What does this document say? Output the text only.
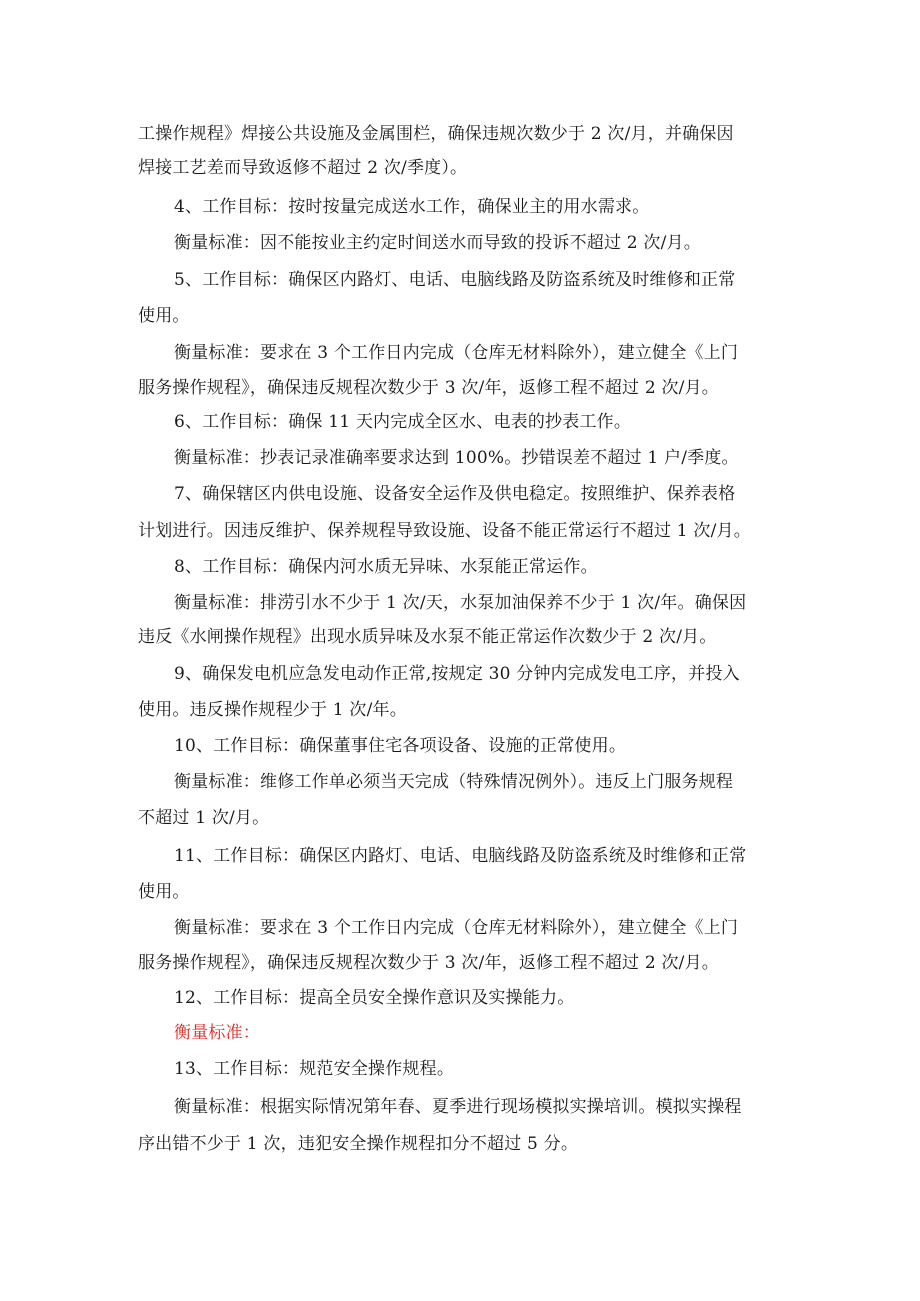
工操作规程》焊接公共设施及金属围栏，确保违规次数少于 2 次/月，并确保因
焊接工艺差而导致返修不超过 2 次/季度）。
4、工作目标：按时按量完成送水工作，确保业主的用水需求。
衡量标准：因不能按业主约定时间送水而导致的投诉不超过 2 次/月。
5、工作目标：确保区内路灯、电话、电脑线路及防盗系统及时维修和正常
使用。
衡量标准：要求在 3 个工作日内完成（仓库无材料除外），建立健全《上门
服务操作规程》，确保违反规程次数少于 3 次/年，返修工程不超过 2 次/月。
6、工作目标：确保 11 天内完成全区水、电表的抄表工作。
衡量标准：抄表记录准确率要求达到 100%。抄错误差不超过 1 户/季度。
7、确保辖区内供电设施、设备安全运作及供电稳定。按照维护、保养表格
计划进行。因违反维护、保养规程导致设施、设备不能正常运行不超过 1 次/月。
8、工作目标：确保内河水质无异味、水泵能正常运作。
衡量标准：排涝引水不少于 1 次/天，水泵加油保养不少于 1 次/年。确保因
违反《水闸操作规程》出现水质异味及水泵不能正常运作次数少于 2 次/月。
9、确保发电机应急发电动作正常,按规定 30 分钟内完成发电工序，并投入
使用。违反操作规程少于 1 次/年。
10、工作目标：确保董事住宅各项设备、设施的正常使用。
衡量标准：维修工作单必须当天完成（特殊情况例外）。违反上门服务规程
不超过 1 次/月。
11、工作目标：确保区内路灯、电话、电脑线路及防盗系统及时维修和正常
使用。
衡量标准：要求在 3 个工作日内完成（仓库无材料除外），建立健全《上门
服务操作规程》，确保违反规程次数少于 3 次/年，返修工程不超过 2 次/月。
12、工作目标：提高全员安全操作意识及实操能力。
衡量标准：
13、工作目标：规范安全操作规程。
衡量标准：根据实际情况第年春、夏季进行现场模拟实操培训。模拟实操程
序出错不少于 1 次，违犯安全操作规程扣分不超过 5 分。
